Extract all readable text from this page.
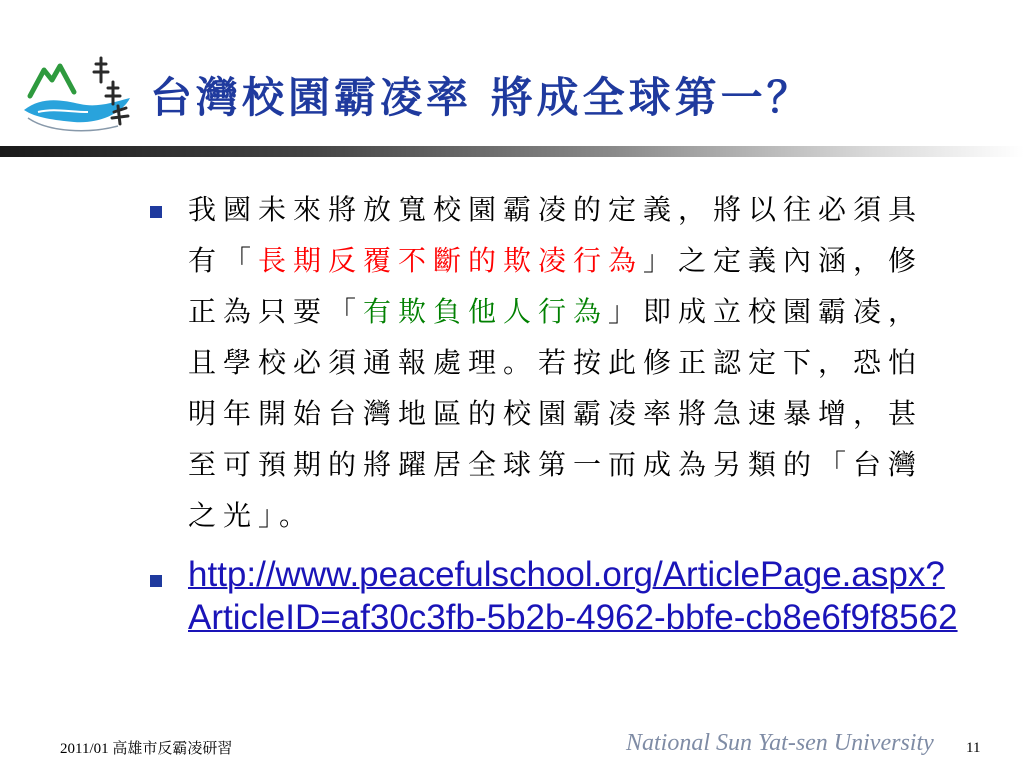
台灣校園霸凌率 將成全球第一？

我國未來將放寬校園霸凌的定義，將以往必須具有「長期反覆不斷的欺凌行為」之定義內涵，修正為只要「有欺負他人行為」即成立校園霸凌，且學校必須通報處理。若按此修正認定下，恐怕明年開始台灣地區的校園霸凌率將急速暴增，甚至可預期的將躍居全球第一而成為另類的「台灣之光」。

http://www.peacefulschool.org/ArticlePage.aspx?ArticleID=af30c3fb-5b2b-4962-bbfe-cb8e6f9f8562
2011/01 高雄市反霸凌研習	National Sun Yat-sen University 11
